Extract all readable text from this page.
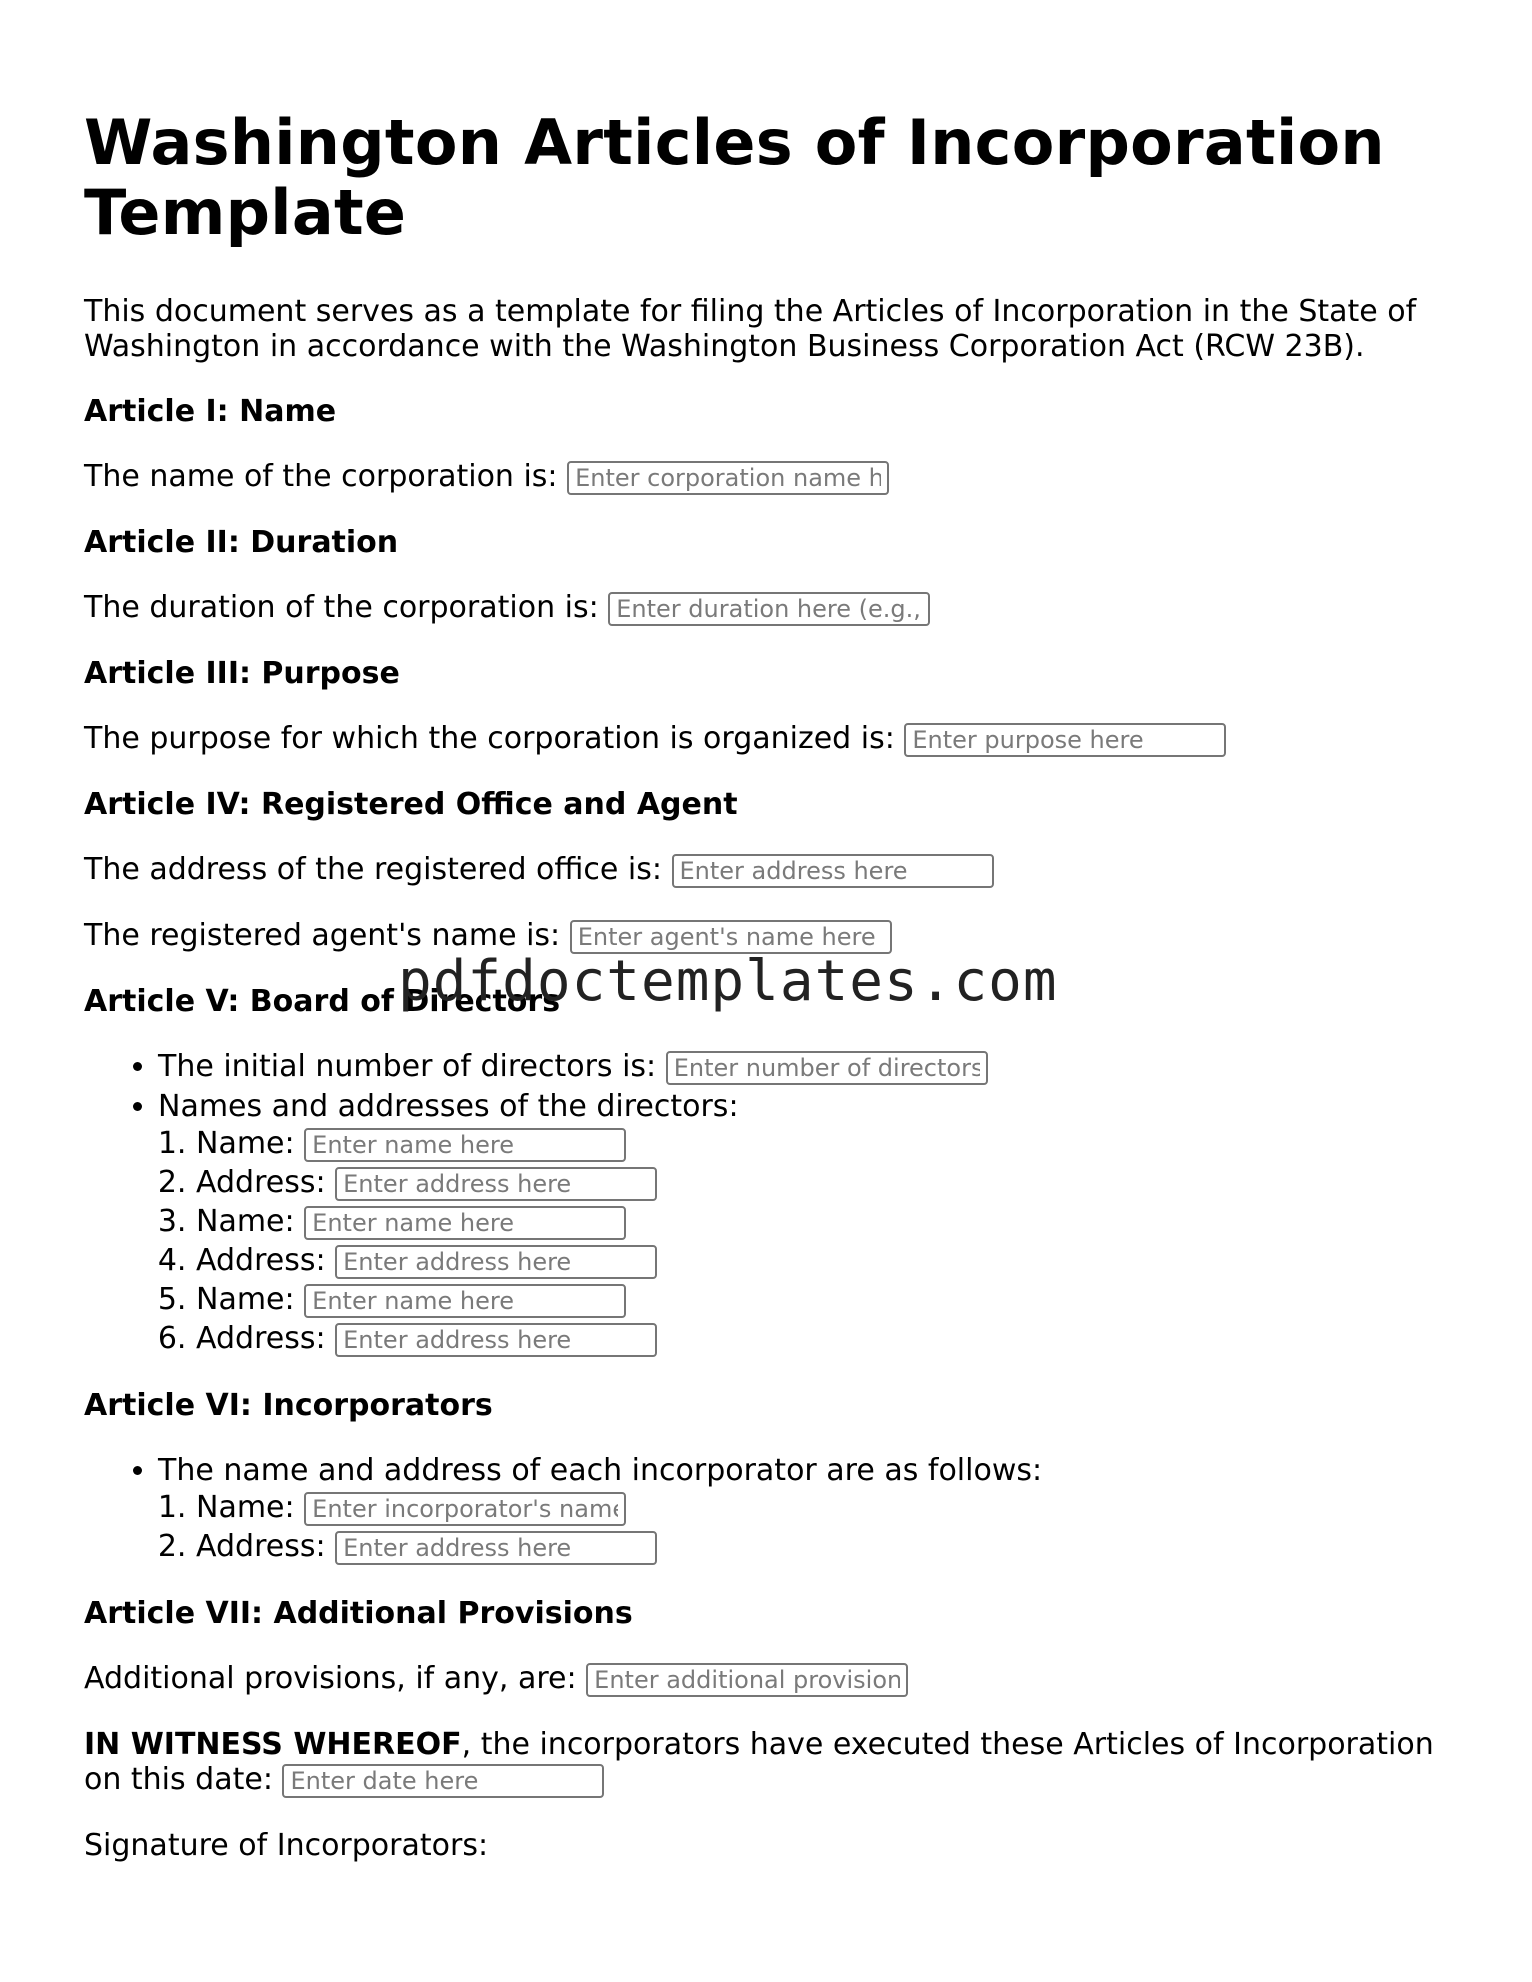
Washington Articles of Incorporation Template

This document serves as a template for filing the Articles of Incorporation in the State of Washington in accordance with the Washington Business Corporation Act (RCW 23B).

Article I: Name

The name of the corporation is: Enter corporation name here

Article II: Duration

The duration of the corporation is: Enter duration here (e.g., perpetual)

Article III: Purpose

The purpose for which the corporation is organized is: Enter purpose here

Article IV: Registered Office and Agent

The address of the registered office is: Enter address here

The registered agent's name is: Enter agent's name here

Article V: Board of Directors
• The initial number of directors is: Enter number of directors
• Names and addresses of the directors:
1. Name: Enter name here
2. Address: Enter address here
3. Name: Enter name here
4. Address: Enter address here
5. Name: Enter name here
6. Address: Enter address here
Article VI: Incorporators
• The name and address of each incorporator are as follows:
1. Name: Enter incorporator's name
2. Address: Enter address here
Article VII: Additional Provisions

Additional provisions, if any, are: Enter additional provisions

IN WITNESS WHEREOF, the incorporators have executed these Articles of Incorporation on this date: Enter date here

Signature of Incorporators:

pdfdoctemplates.com
